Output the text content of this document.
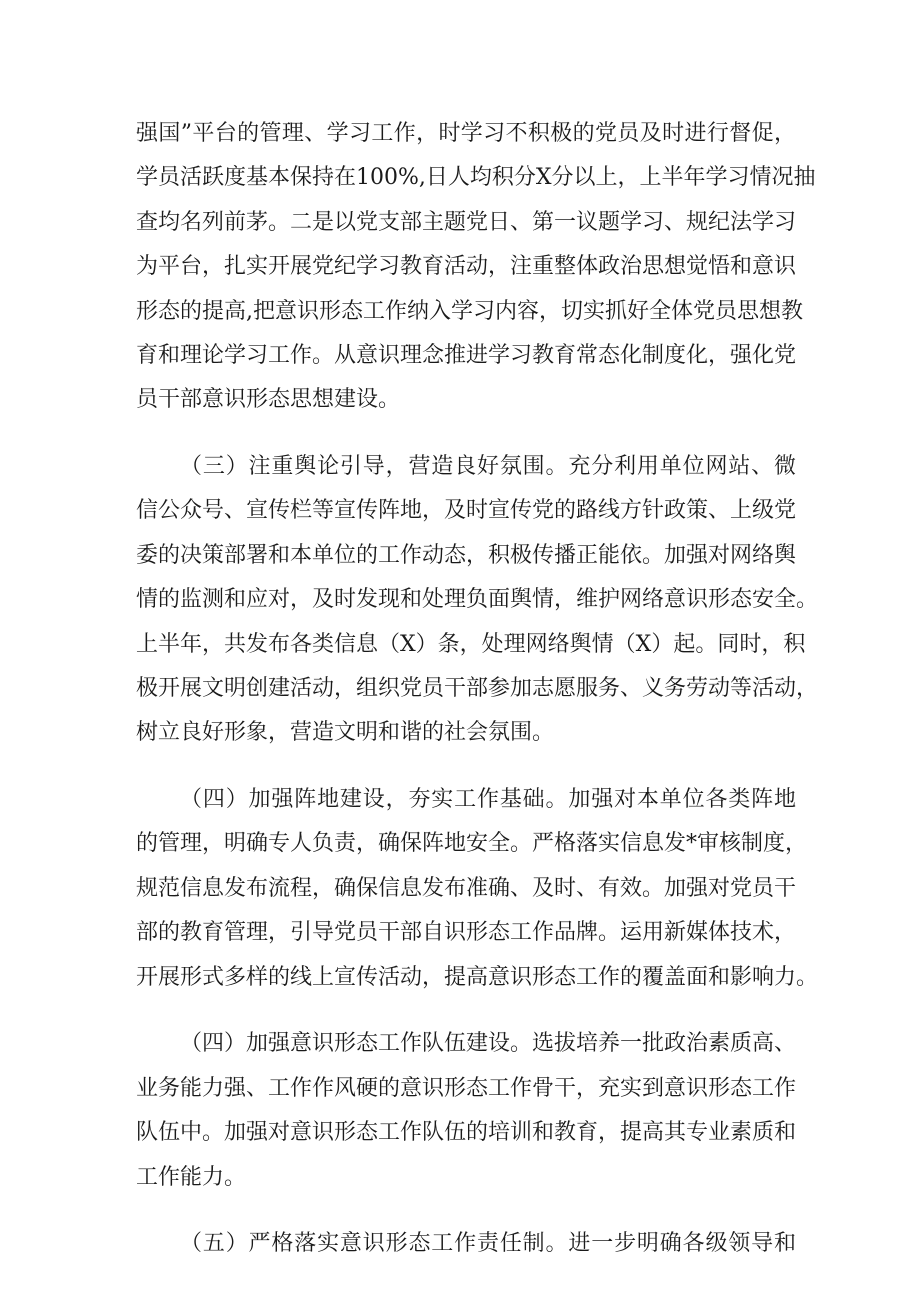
强国”平台的管理、学习工作，时学习不积极的党员及时进行督促，
学员活跃度基本保持在100%,日人均积分X分以上，上半年学习情况抽
查均名列前茅。二是以党支部主题党日、第一议题学习、规纪法学习
为平台，扎实开展党纪学习教育活动，注重整体政治思想觉悟和意识
形态的提高,把意识形态工作纳入学习内容，切实抓好全体党员思想教
育和理论学习工作。从意识理念推进学习教育常态化制度化，强化党
员干部意识形态思想建设。
（三）注重舆论引导，营造良好氛围。充分利用单位网站、微
信公众号、宣传栏等宣传阵地，及时宣传党的路线方针政策、上级党
委的决策部署和本单位的工作动态，积极传播正能依。加强对网络舆
情的监测和应对，及时发现和处理负面舆情，维护网络意识形态安全。
上半年，共发布各类信息（X）条，处理网络舆情（X）起。同时，积
极开展文明创建活动，组织党员干部参加志愿服务、义务劳动等活动，
树立良好形象，营造文明和谐的社会氛围。
（四）加强阵地建设，夯实工作基础。加强对本单位各类阵地
的管理，明确专人负责，确保阵地安全。严格落实信息发*审核制度，
规范信息发布流程，确保信息发布准确、及时、有效。加强对党员干
部的教育管理，引导党员干部自识形态工作品牌。运用新媒体技术，
开展形式多样的线上宣传活动，提高意识形态工作的覆盖面和影响力。
（四）加强意识形态工作队伍建设。选拔培养一批政治素质高、
业务能力强、工作作风硬的意识形态工作骨干，充实到意识形态工作
队伍中。加强对意识形态工作队伍的培训和教育，提高其专业素质和
工作能力。
（五）严格落实意识形态工作责任制。进一步明确各级领导和
